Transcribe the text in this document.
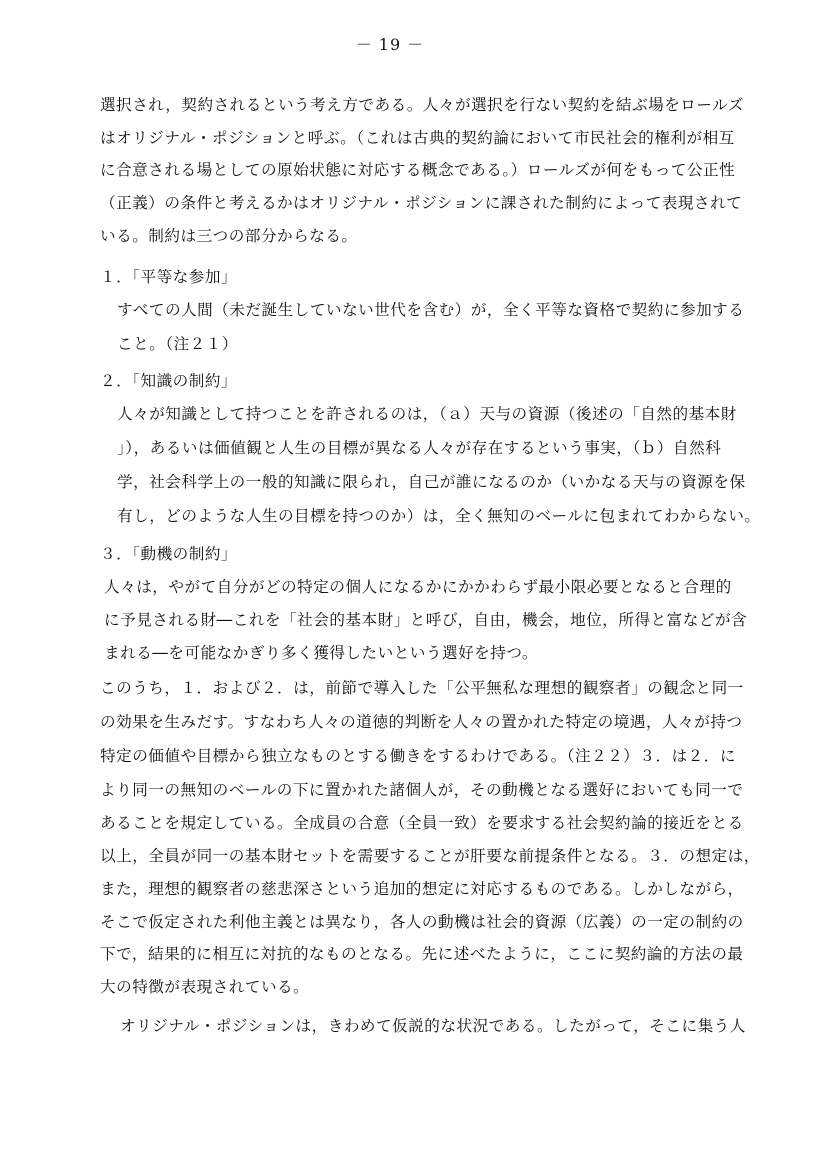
－ 19 －
選択され，契約されるという考え方である。人々が選択を行ない契約を結ぶ場をロールズ
はオリジナル・ポジションと呼ぶ。（これは古典的契約論において市民社会的権利が相互
に合意される場としての原始状態に対応する概念である。）ロールズが何をもって公正性
（正義）の条件と考えるかはオリジナル・ポジションに課された制約によって表現されて
いる。制約は三つの部分からなる。
１．「平等な参加」
すべての人間（未だ誕生していない世代を含む）が，全く平等な資格で契約に参加する
こと。（注２１）
２．「知識の制約」
人々が知識として持つことを許されるのは，（ａ）天与の資源（後述の「自然的基本財
」），あるいは価値観と人生の目標が異なる人々が存在するという事実，（ｂ）自然科
学，社会科学上の一般的知識に限られ，自己が誰になるのか（いかなる天与の資源を保
有し，どのような人生の目標を持つのか）は，全く無知のベールに包まれてわからない。
３．「動機の制約」
人々は，やがて自分がどの特定の個人になるかにかかわらず最小限必要となると合理的
に予見される財―これを「社会的基本財」と呼び，自由，機会，地位，所得と富などが含
まれる―を可能なかぎり多く獲得したいという選好を持つ。
このうち，１．および２．は，前節で導入した「公平無私な理想的観察者」の観念と同一
の効果を生みだす。すなわち人々の道徳的判断を人々の置かれた特定の境遇，人々が持つ
特定の価値や目標から独立なものとする働きをするわけである。（注２２）３．は２．に
より同一の無知のベールの下に置かれた諸個人が，その動機となる選好においても同一で
あることを規定している。全成員の合意（全員一致）を要求する社会契約論的接近をとる
以上，全員が同一の基本財セットを需要することが肝要な前提条件となる。３．の想定は，
また，理想的観察者の慈悲深さという追加的想定に対応するものである。しかしながら，
そこで仮定された利他主義とは異なり，各人の動機は社会的資源（広義）の一定の制約の
下で，結果的に相互に対抗的なものとなる。先に述べたように，ここに契約論的方法の最
大の特徴が表現されている。
オリジナル・ポジションは，きわめて仮説的な状況である。したがって，そこに集う人
